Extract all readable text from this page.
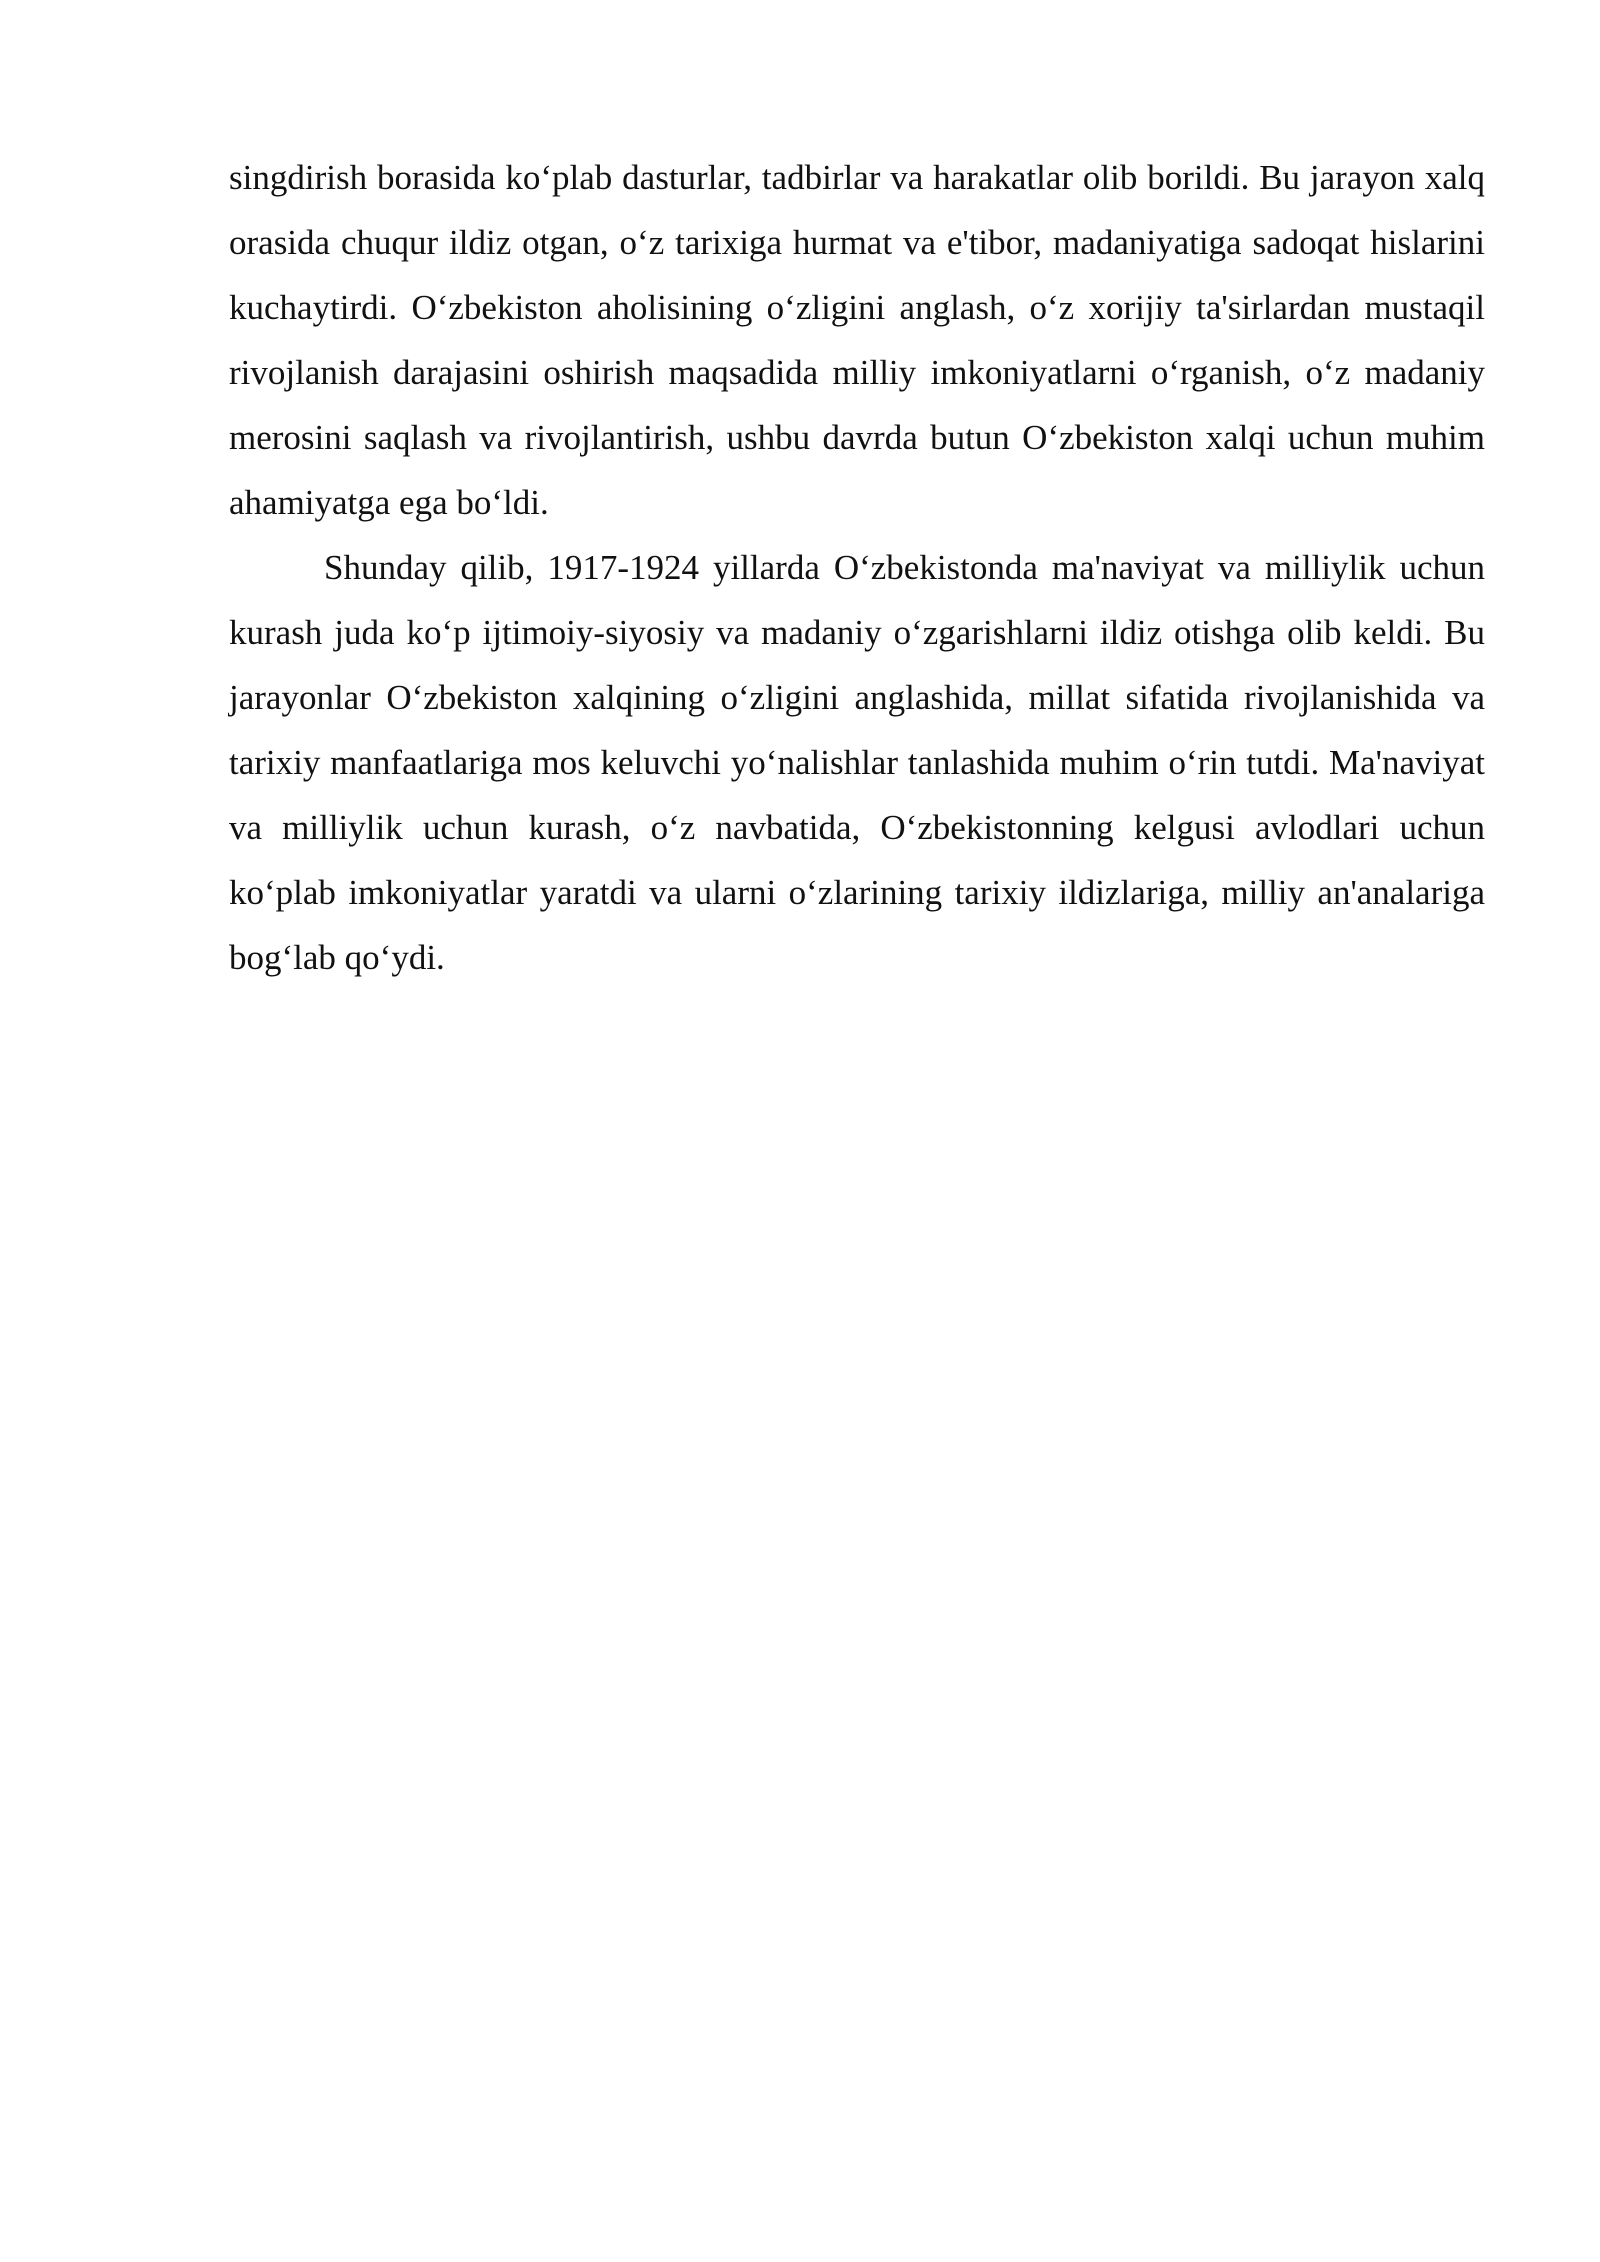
singdirish borasida ko‘plab dasturlar, tadbirlar va harakatlar olib borildi. Bu jarayon xalq orasida chuqur ildiz otgan, o‘z tarixiga hurmat va e'tibor, madaniyatiga sadoqat hislarini kuchaytirdi. O‘zbekiston aholisining o‘zligini anglash, o‘z xorijiy ta'sirlardan mustaqil rivojlanish darajasini oshirish maqsadida milliy imkoniyatlarni o‘rganish, o‘z madaniy merosini saqlash va rivojlantirish, ushbu davrda butun O‘zbekiston xalqi uchun muhim ahamiyatga ega bo‘ldi.

Shunday qilib, 1917-1924 yillarda O‘zbekistonda ma'naviyat va milliylik uchun kurash juda ko‘p ijtimoiy-siyosiy va madaniy o‘zgarishlarni ildiz otishga olib keldi. Bu jarayonlar O‘zbekiston xalqining o‘zligini anglashida, millat sifatida rivojlanishida va tarixiy manfaatlariga mos keluvchi yo‘nalishlar tanlashida muhim o‘rin tutdi. Ma'naviyat va milliylik uchun kurash, o‘z navbatida, O‘zbekistonning kelgusi avlodlari uchun ko‘plab imkoniyatlar yaratdi va ularni o‘zlarining tarixiy ildizlariga, milliy an'analariga bog‘lab qo‘ydi.
